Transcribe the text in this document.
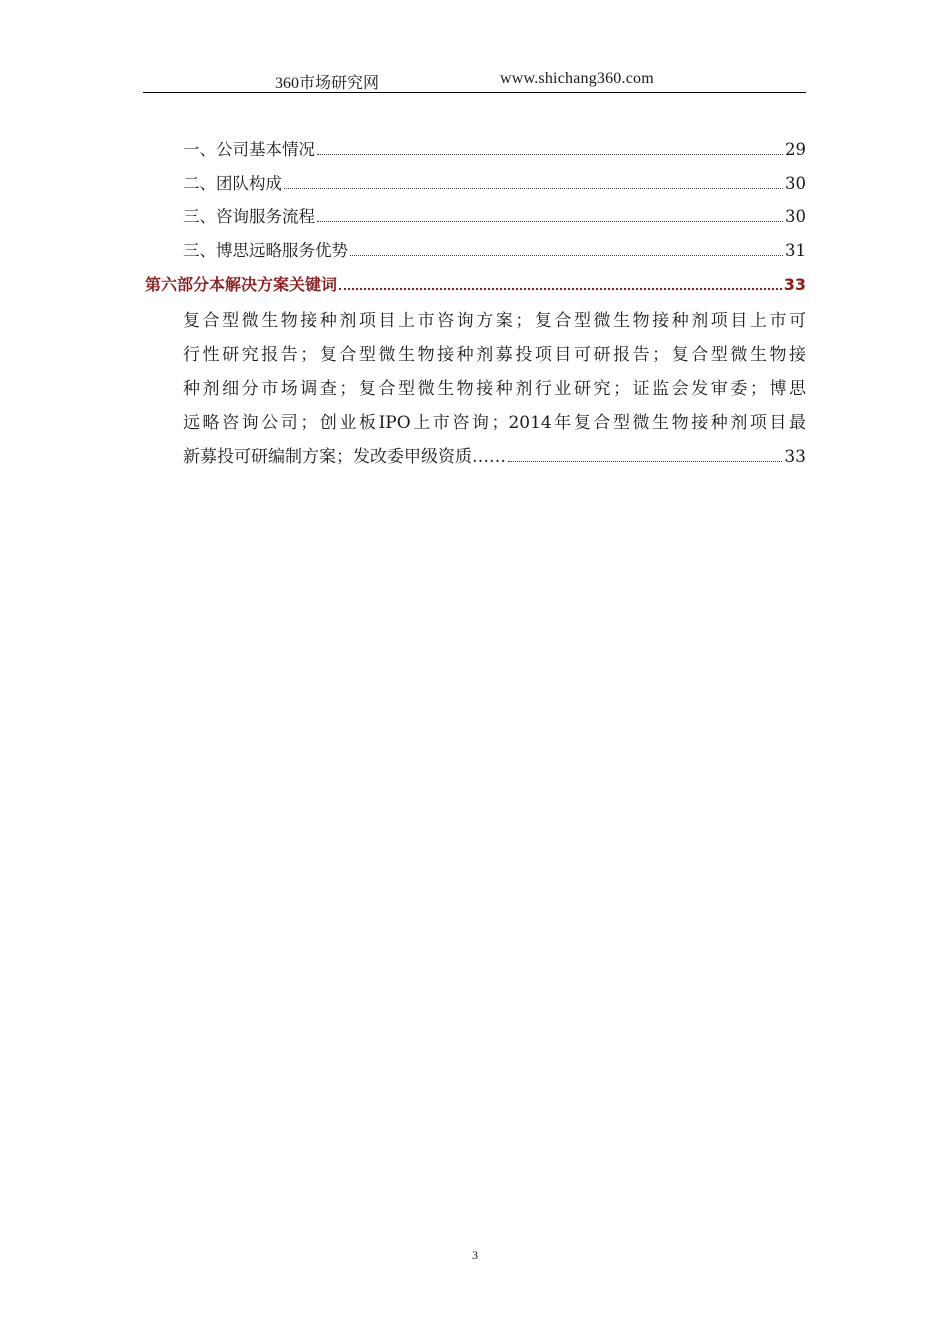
360市场研究网	www.shichang360.com
一、公司基本情况	29
二、团队构成	30
三、咨询服务流程	30
三、博思远略服务优势	31
第六部分本解决方案关键词	33
复合型微生物接种剂项目上市咨询方案；复合型微生物接种剂项目上市可
行性研究报告；复合型微生物接种剂募投项目可研报告；复合型微生物接
种剂细分市场调查；复合型微生物接种剂行业研究；证监会发审委；博思
远略咨询公司；创业板IPO上市咨询；2014年复合型微生物接种剂项目最
新募投可研编制方案；发改委甲级资质……	33
3
